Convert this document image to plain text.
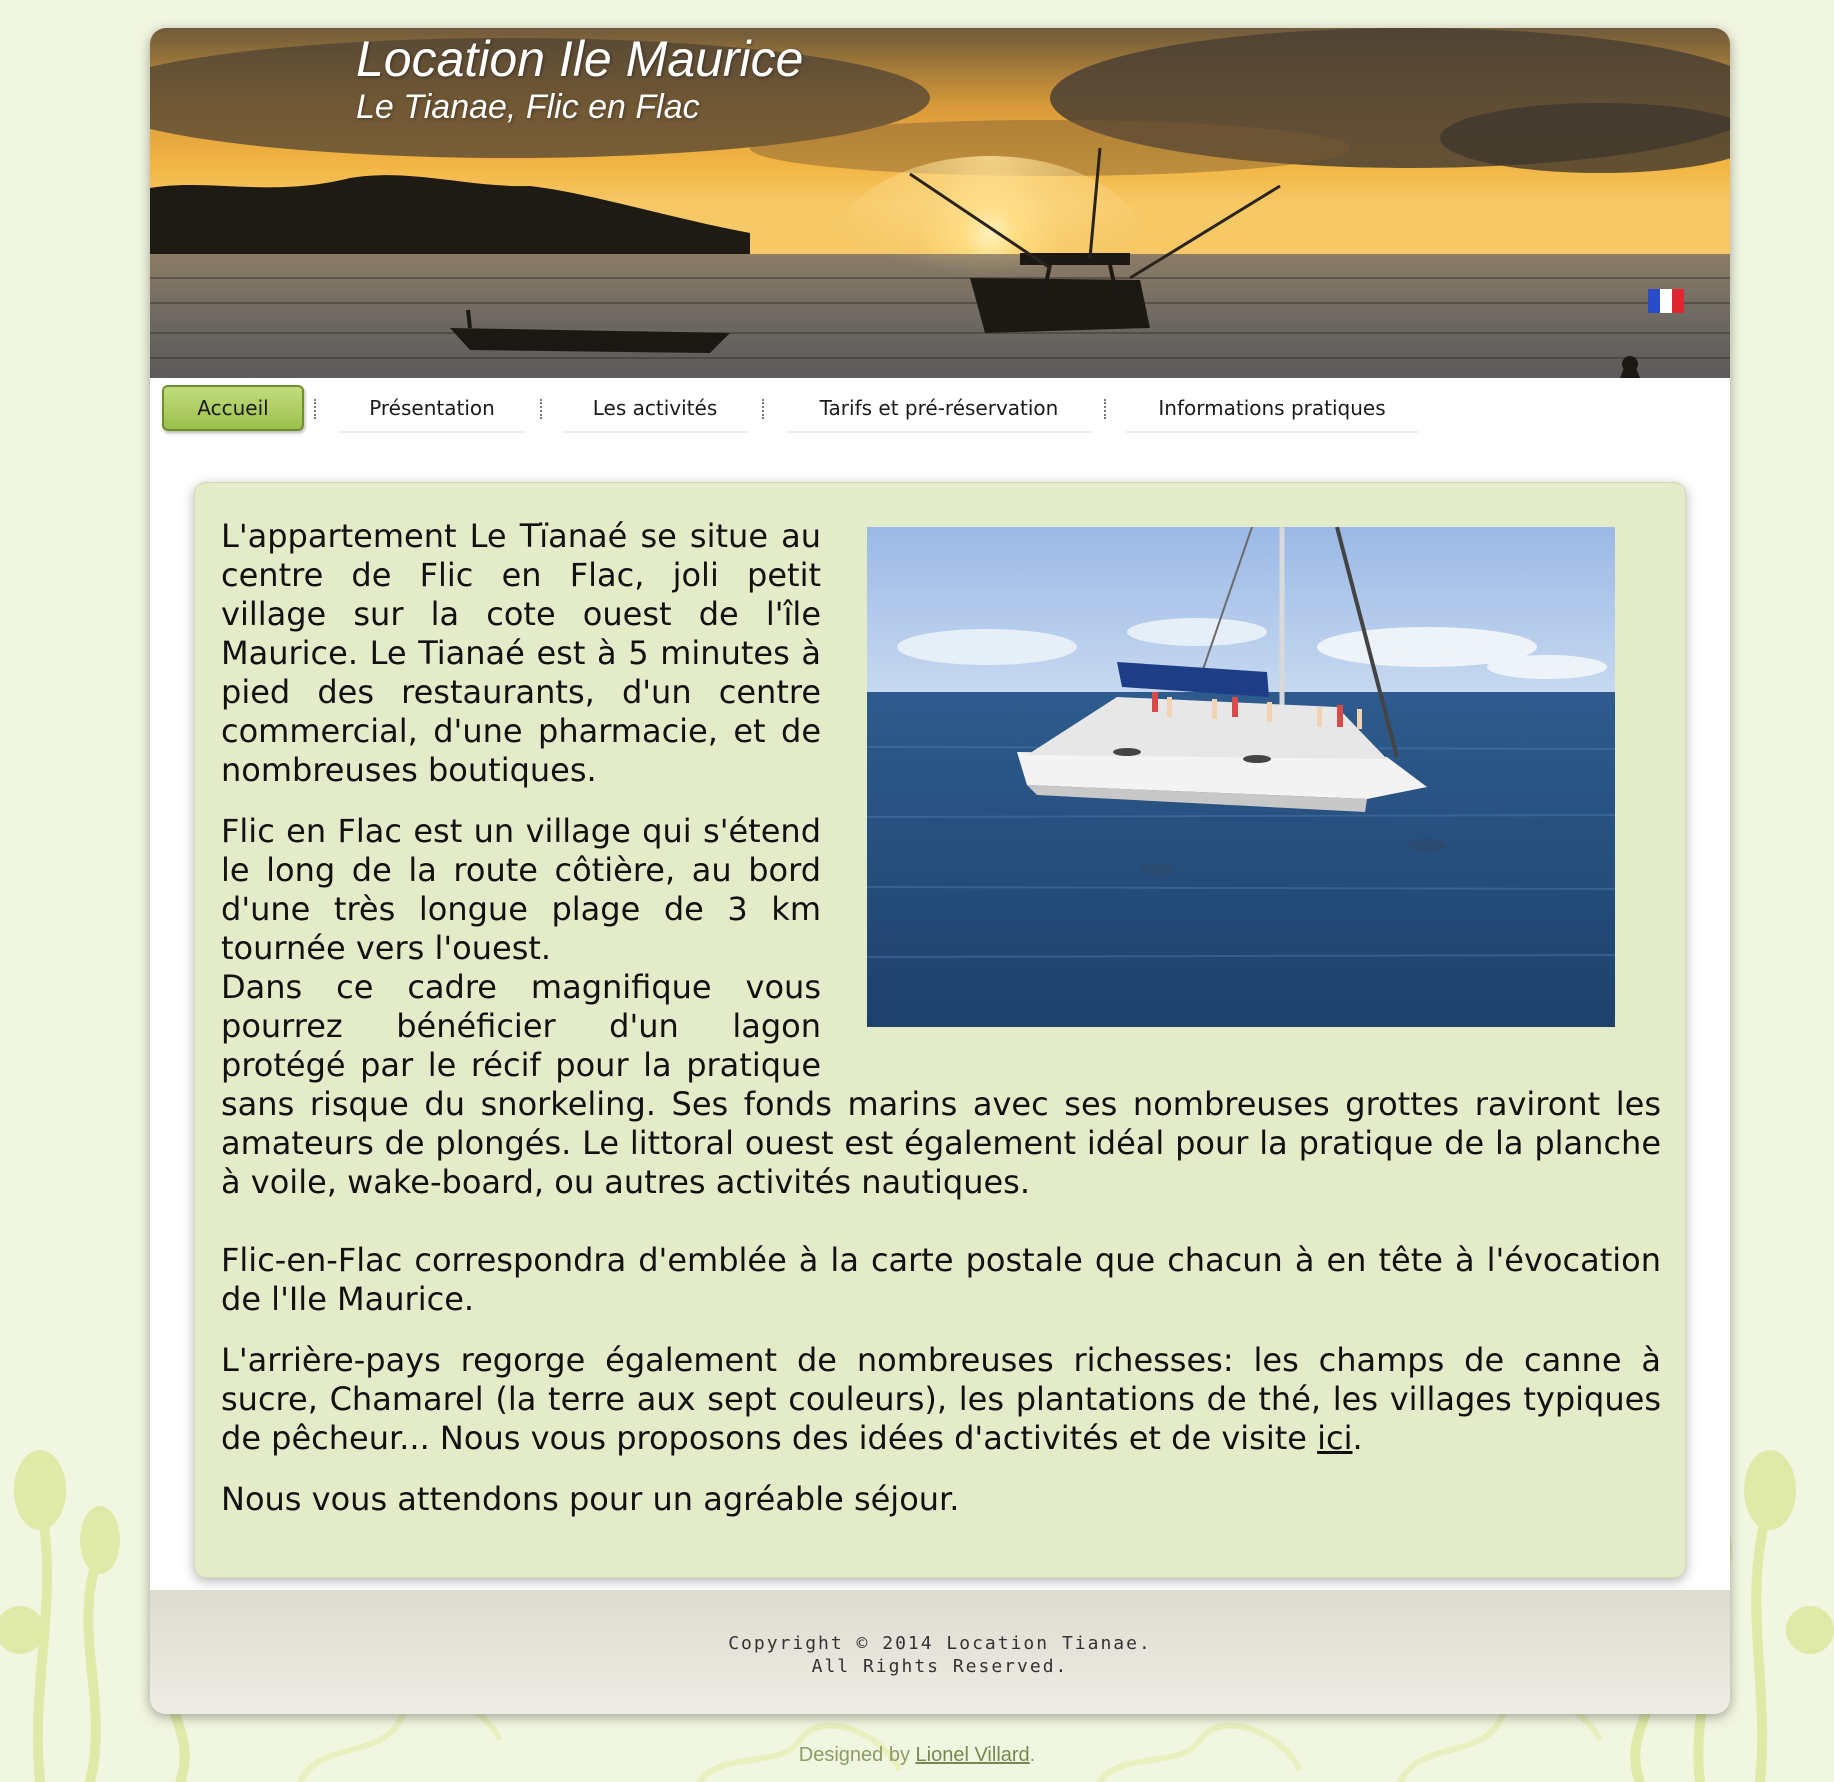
Location Ile Maurice
Le Tianae, Flic en Flac
Accueil	Présentation	Les activités	Tarifs et pré-réservation	Informations pratiques

L'appartement Le Tïanaé se situe au centre de Flic en Flac, joli petit village sur la cote ouest de l'île Maurice. Le Tianaé est à 5 minutes à pied des restaurants, d'un centre commercial, d'une pharmacie, et de nombreuses boutiques.

Flic en Flac est un village qui s'étend le long de la route côtière, au bord d'une très longue plage de 3 km tournée vers l'ouest.

Dans ce cadre magnifique vous pourrez bénéficier d'un lagon protégé par le récif pour la pratique sans risque du snorkeling. Ses fonds marins avec ses nombreuses grottes raviront les amateurs de plongés. Le littoral ouest est également idéal pour la pratique de la planche à voile, wake-board, ou autres activités nautiques.

Flic-en-Flac correspondra d'emblée à la carte postale que chacun à en tête à l'évocation de l'Ile Maurice.

L'arrière-pays regorge également de nombreuses richesses: les champs de canne à sucre, Chamarel (la terre aux sept couleurs), les plantations de thé, les villages typiques de pêcheur... Nous vous proposons des idées d'activités et de visite ici.

Nous vous attendons pour un agréable séjour.

Copyright © 2014 Location Tianae.
All Rights Reserved.
Designed by Lionel Villard.
